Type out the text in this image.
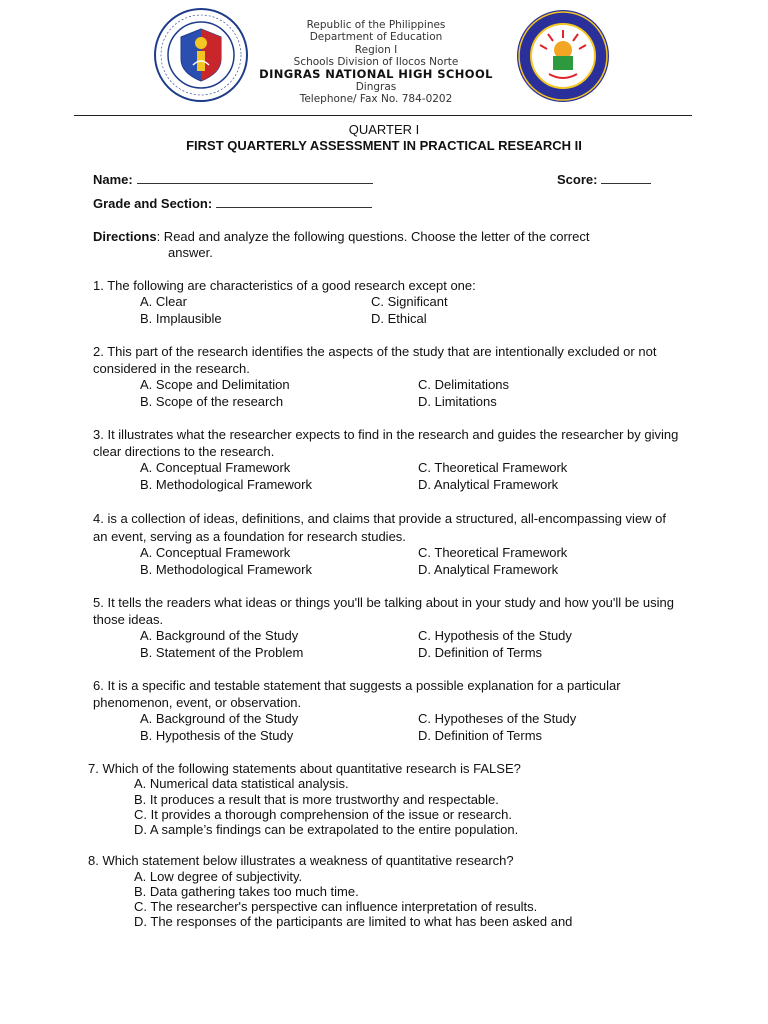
Republic of the Philippines
Department of Education
Region I
Schools Division of Ilocos Norte
DINGRAS NATIONAL HIGH SCHOOL
Dingras
Telephone/ Fax No. 784-0202
QUARTER I
FIRST QUARTERLY ASSESSMENT IN PRACTICAL RESEARCH II
Name:	Score:
Grade and Section:
Directions: Read and analyze the following questions. Choose the letter of the correct
answer.
1. The following are characteristics of a good research except one:
A. Clear	C. Significant
B. Implausible	D. Ethical
2. This part of the research identifies the aspects of the study that are intentionally excluded or not considered in the research.
A. Scope and Delimitation	C. Delimitations
B. Scope of the research	D. Limitations
3. It illustrates what the researcher expects to find in the research and guides the researcher by giving clear directions to the research.
A. Conceptual Framework	C. Theoretical Framework
B. Methodological Framework	D. Analytical Framework
4. is a collection of ideas, definitions, and claims that provide a structured, all-encompassing view of an event, serving as a foundation for research studies.
A. Conceptual Framework	C. Theoretical Framework
B. Methodological Framework	D. Analytical Framework
5. It tells the readers what ideas or things you'll be talking about in your study and how you'll be using those ideas.
A. Background of the Study	C. Hypothesis of the Study
B. Statement of the Problem	D. Definition of Terms
6. It is a specific and testable statement that suggests a possible explanation for a particular phenomenon, event, or observation.
A. Background of the Study	C. Hypotheses of the Study
B. Hypothesis of the Study	D. Definition of Terms
7. Which of the following statements about quantitative research is FALSE?
A. Numerical data statistical analysis.
B. It produces a result that is more trustworthy and respectable.
C. It provides a thorough comprehension of the issue or research.
D. A sample’s findings can be extrapolated to the entire population.
8. Which statement below illustrates a weakness of quantitative research?
A. Low degree of subjectivity.
B. Data gathering takes too much time.
C. The researcher's perspective can influence interpretation of results.
D. The responses of the participants are limited to what has been asked and
